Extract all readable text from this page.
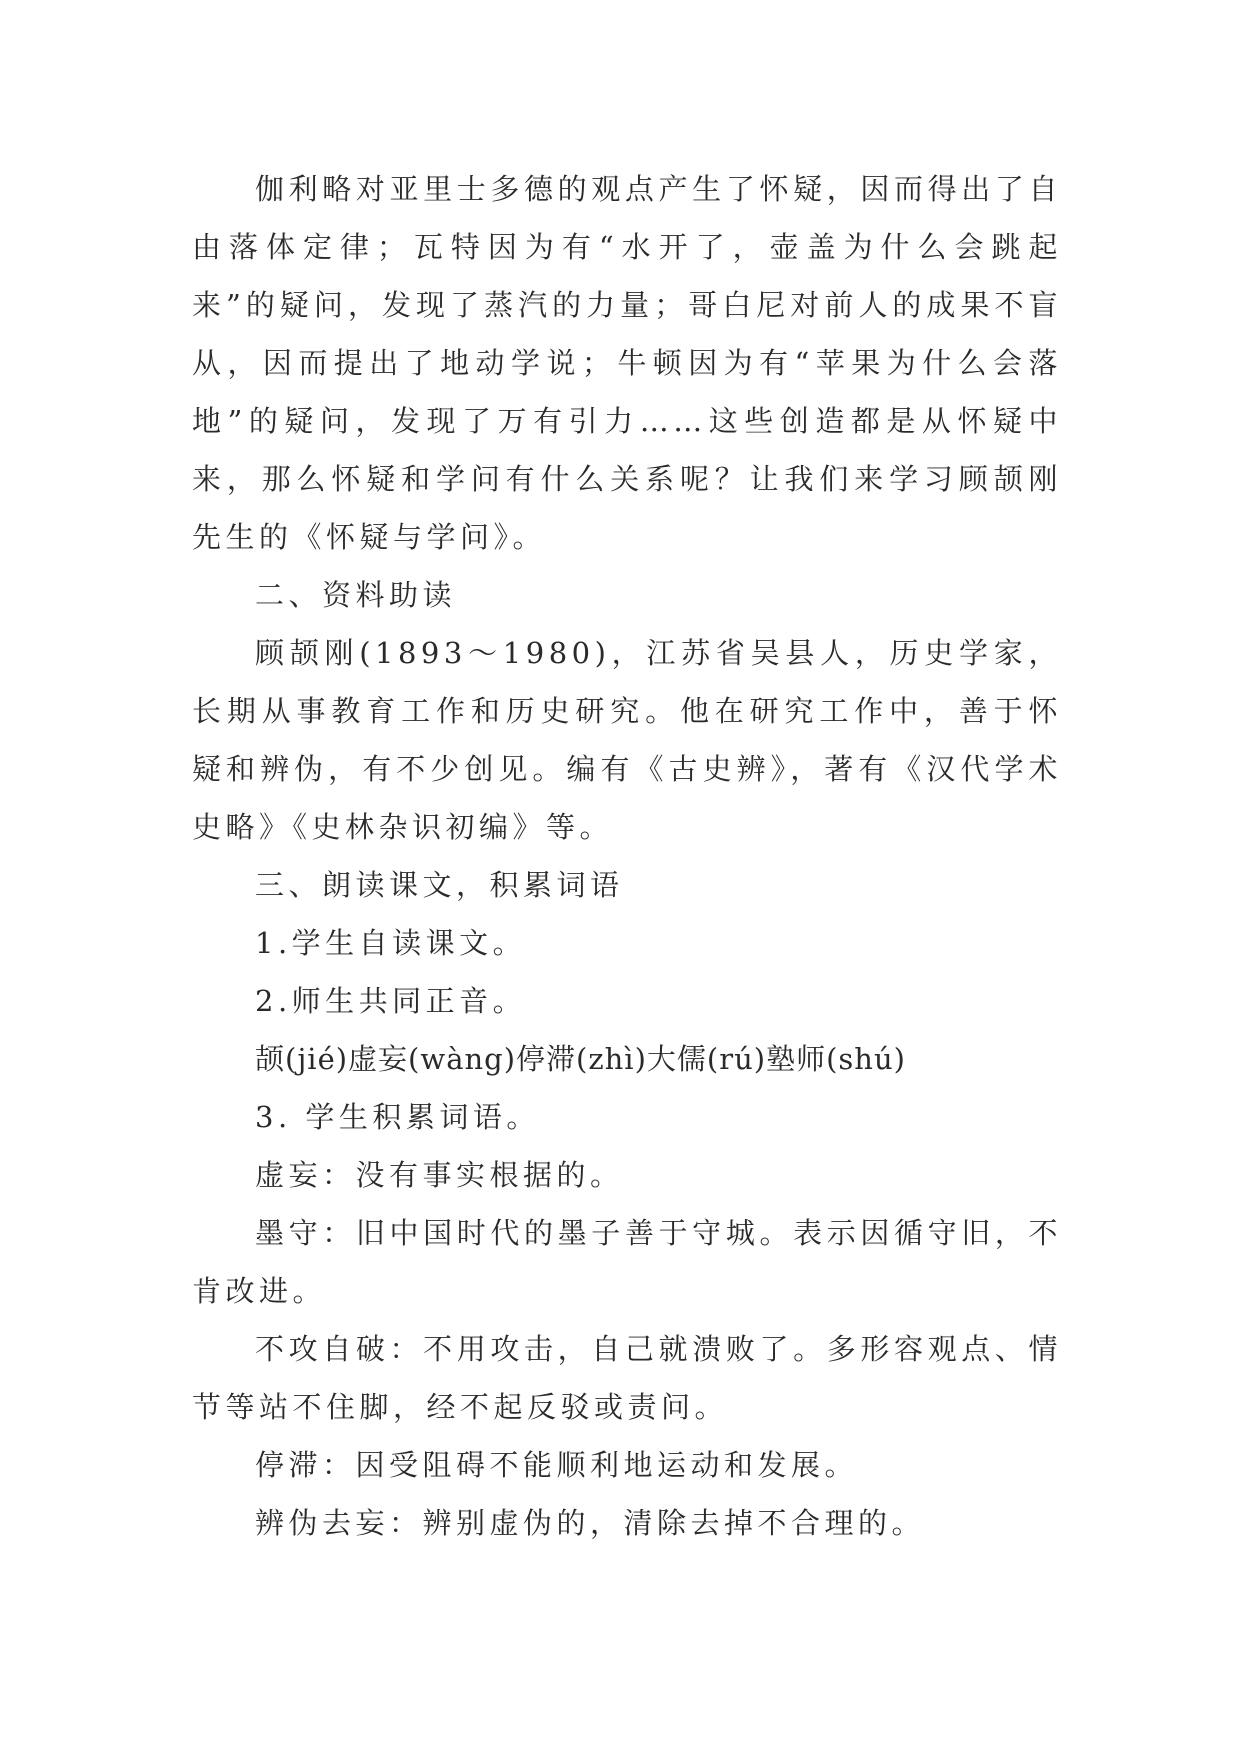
伽利略对亚里士多德的观点产生了怀疑，因而得出了自由落体定律；瓦特因为有“水开了，壶盖为什么会跳起来”的疑问，发现了蒸汽的力量；哥白尼对前人的成果不盲从，因而提出了地动学说；牛顿因为有“苹果为什么会落地”的疑问，发现了万有引力……这些创造都是从怀疑中来，那么怀疑和学问有什么关系呢？让我们来学习顾颉刚先生的《怀疑与学问》。

二、资料助读

顾颉刚(1893～1980)，江苏省吴县人，历史学家，长期从事教育工作和历史研究。他在研究工作中，善于怀疑和辨伪，有不少创见。编有《古史辨》，著有《汉代学术史略》《史林杂识初编》等。

三、朗读课文，积累词语

1.学生自读课文。

2.师生共同正音。

颉(jié)虚妄(wàng)停滞(zhì)大儒(rú)塾师(shú)

3. 学生积累词语。

虚妄：没有事实根据的。

墨守：旧中国时代的墨子善于守城。表示因循守旧，不肯改进。

不攻自破：不用攻击，自己就溃败了。多形容观点、情节等站不住脚，经不起反驳或责问。

停滞：因受阻碍不能顺利地运动和发展。

辨伪去妄：辨别虚伪的，清除去掉不合理的。
